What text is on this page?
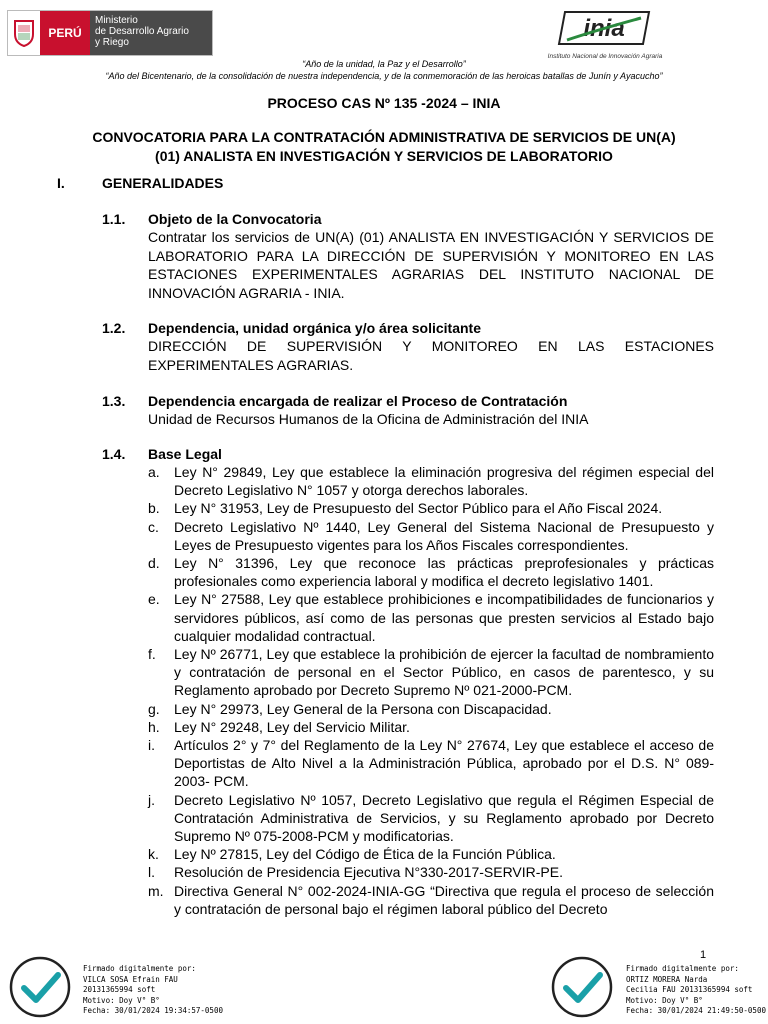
PERÚ
Ministerio
de Desarrollo Agrario
y Riego
inia
Instituto Nacional de Innovación Agraria
“Año de la unidad, la Paz y el Desarrollo”
“Año del Bicentenario, de la consolidación de nuestra independencia, y de la conmemoración de las heroicas batallas de Junín y Ayacucho”
PROCESO CAS Nº 135 -2024 – INIA
CONVOCATORIA PARA LA CONTRATACIÓN ADMINISTRATIVA DE SERVICIOS DE UN(A)
(01) ANALISTA EN INVESTIGACIÓN Y SERVICIOS DE LABORATORIO
I.	GENERALIDADES
1.1. Objeto de la Convocatoria
Contratar los servicios de UN(A) (01) ANALISTA EN INVESTIGACIÓN Y SERVICIOS DE LABORATORIO PARA LA DIRECCIÓN DE SUPERVISIÓN Y MONITOREO EN LAS ESTACIONES EXPERIMENTALES AGRARIAS DEL INSTITUTO NACIONAL DE INNOVACIÓN AGRARIA - INIA.
1.2. Dependencia, unidad orgánica y/o área solicitante
DIRECCIÓN DE SUPERVISIÓN Y MONITOREO EN LAS ESTACIONES EXPERIMENTALES AGRARIAS.
1.3. Dependencia encargada de realizar el Proceso de Contratación
Unidad de Recursos Humanos de la Oficina de Administración del INIA
1.4. Base Legal
a.	Ley N° 29849, Ley que establece la eliminación progresiva del régimen especial del Decreto Legislativo N° 1057 y otorga derechos laborales.
b.	Ley N° 31953, Ley de Presupuesto del Sector Público para el Año Fiscal 2024.
c.	Decreto Legislativo Nº 1440, Ley General del Sistema Nacional de Presupuesto y Leyes de Presupuesto vigentes para los Años Fiscales correspondientes.
d.	Ley N° 31396, Ley que reconoce las prácticas preprofesionales y prácticas profesionales como experiencia laboral y modifica el decreto legislativo 1401.
e.	Ley N° 27588, Ley que establece prohibiciones e incompatibilidades de funcionarios y servidores públicos, así como de las personas que presten servicios al Estado bajo cualquier modalidad contractual.
f.	Ley Nº 26771, Ley que establece la prohibición de ejercer la facultad de nombramiento y contratación de personal en el Sector Público, en casos de parentesco, y su Reglamento aprobado por Decreto Supremo Nº 021-2000-PCM.
g.	Ley N° 29973, Ley General de la Persona con Discapacidad.
h.	Ley N° 29248, Ley del Servicio Militar.
i.	Artículos 2° y 7° del Reglamento de la Ley N° 27674, Ley que establece el acceso de Deportistas de Alto Nivel a la Administración Pública, aprobado por el D.S. N° 089-2003- PCM.
j.	Decreto Legislativo Nº 1057, Decreto Legislativo que regula el Régimen Especial de Contratación Administrativa de Servicios, y su Reglamento aprobado por Decreto Supremo Nº 075-2008-PCM y modificatorias.
k.	Ley Nº 27815, Ley del Código de Ética de la Función Pública.
l.	Resolución de Presidencia Ejecutiva N°330-2017-SERVIR-PE.
m. Directiva General N° 002-2024-INIA-GG “Directiva que regula el proceso de selección y contratación de personal bajo el régimen laboral público del Decreto
1
Firmado digitalmente por:
VILCA SOSA Efrain FAU
20131365994 soft
Motivo: Doy V° B°
Fecha: 30/01/2024 19:34:57-0500
Firmado digitalmente por:
ORTIZ MORERA Narda
Cecilia FAU 20131365994 soft
Motivo: Doy V° B°
Fecha: 30/01/2024 21:49:50-0500
